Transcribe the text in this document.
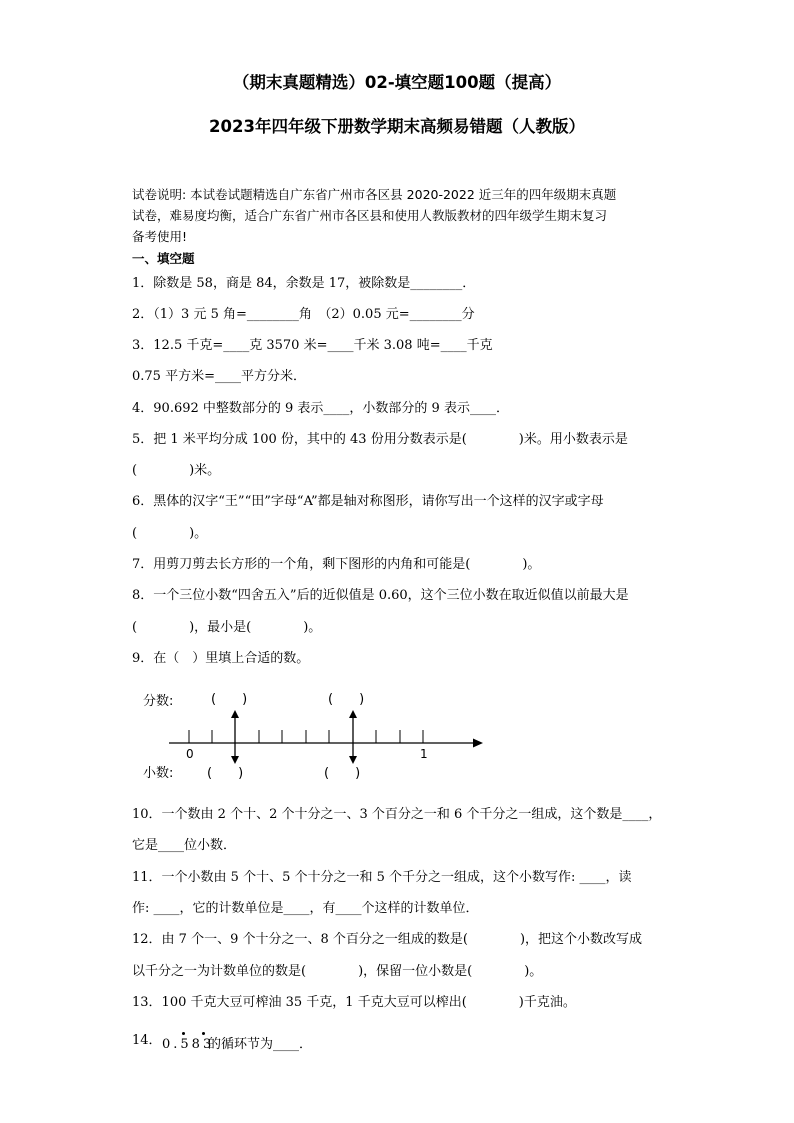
（期末真题精选）02-填空题100题（提高）
2023年四年级下册数学期末高频易错题（人教版）
试卷说明: 本试卷试题精选自广东省广州市各区县 2020-2022 近三年的四年级期末真题
试卷，难易度均衡，适合广东省广州市各区县和使用人教版教材的四年级学生期末复习
备考使用!
一、填空题
1．除数是 58，商是 84，余数是 17，被除数是________．
2．（1）3 元 5 角=________角　（2）0.05 元=________分
3．12.5 千克=____克 3570 米=____千米 3.08 吨=____千克
0.75 平方米=____平方分米．
4．90.692 中整数部分的 9 表示____，小数部分的 9 表示____．
5．把 1 米平均分成 100 份，其中的 43 份用分数表示是(　　　　)米。用小数表示是
(　　　　)米。
6．黑体的汉字“王”“田”字母“A”都是轴对称图形，请你写出一个这样的汉字或字母
(　　　　)。
7．用剪刀剪去长方形的一个角，剩下图形的内角和可能是(　　　　)。
8．一个三位小数“四舍五入”后的近似值是 0.60，这个三位小数在取近似值以前最大是
(　　　　)，最小是(　　　　)。
9．在（　）里填上合适的数。
分数:	(　　)	(　　)
0	1
小数:	(　　)	(　　)
10．一个数由 2 个十、2 个十分之一、3 个百分之一和 6 个千分之一组成，这个数是____，
它是____位小数．
11．一个小数由 5 个十、5 个十分之一和 5 个千分之一组成，这个小数写作: ____，读
作: ____，它的计数单位是____，有____个这样的计数单位．
12．由 7 个一、9 个十分之一、8 个百分之一组成的数是(　　　　)，把这个小数改写成
以千分之一为计数单位的数是(　　　　)，保留一位小数是(　　　　)。
13．100 千克大豆可榨油 35 千克，1 千克大豆可以榨出(　　　　)千克油。
14． 0.583
的循环节为____．
